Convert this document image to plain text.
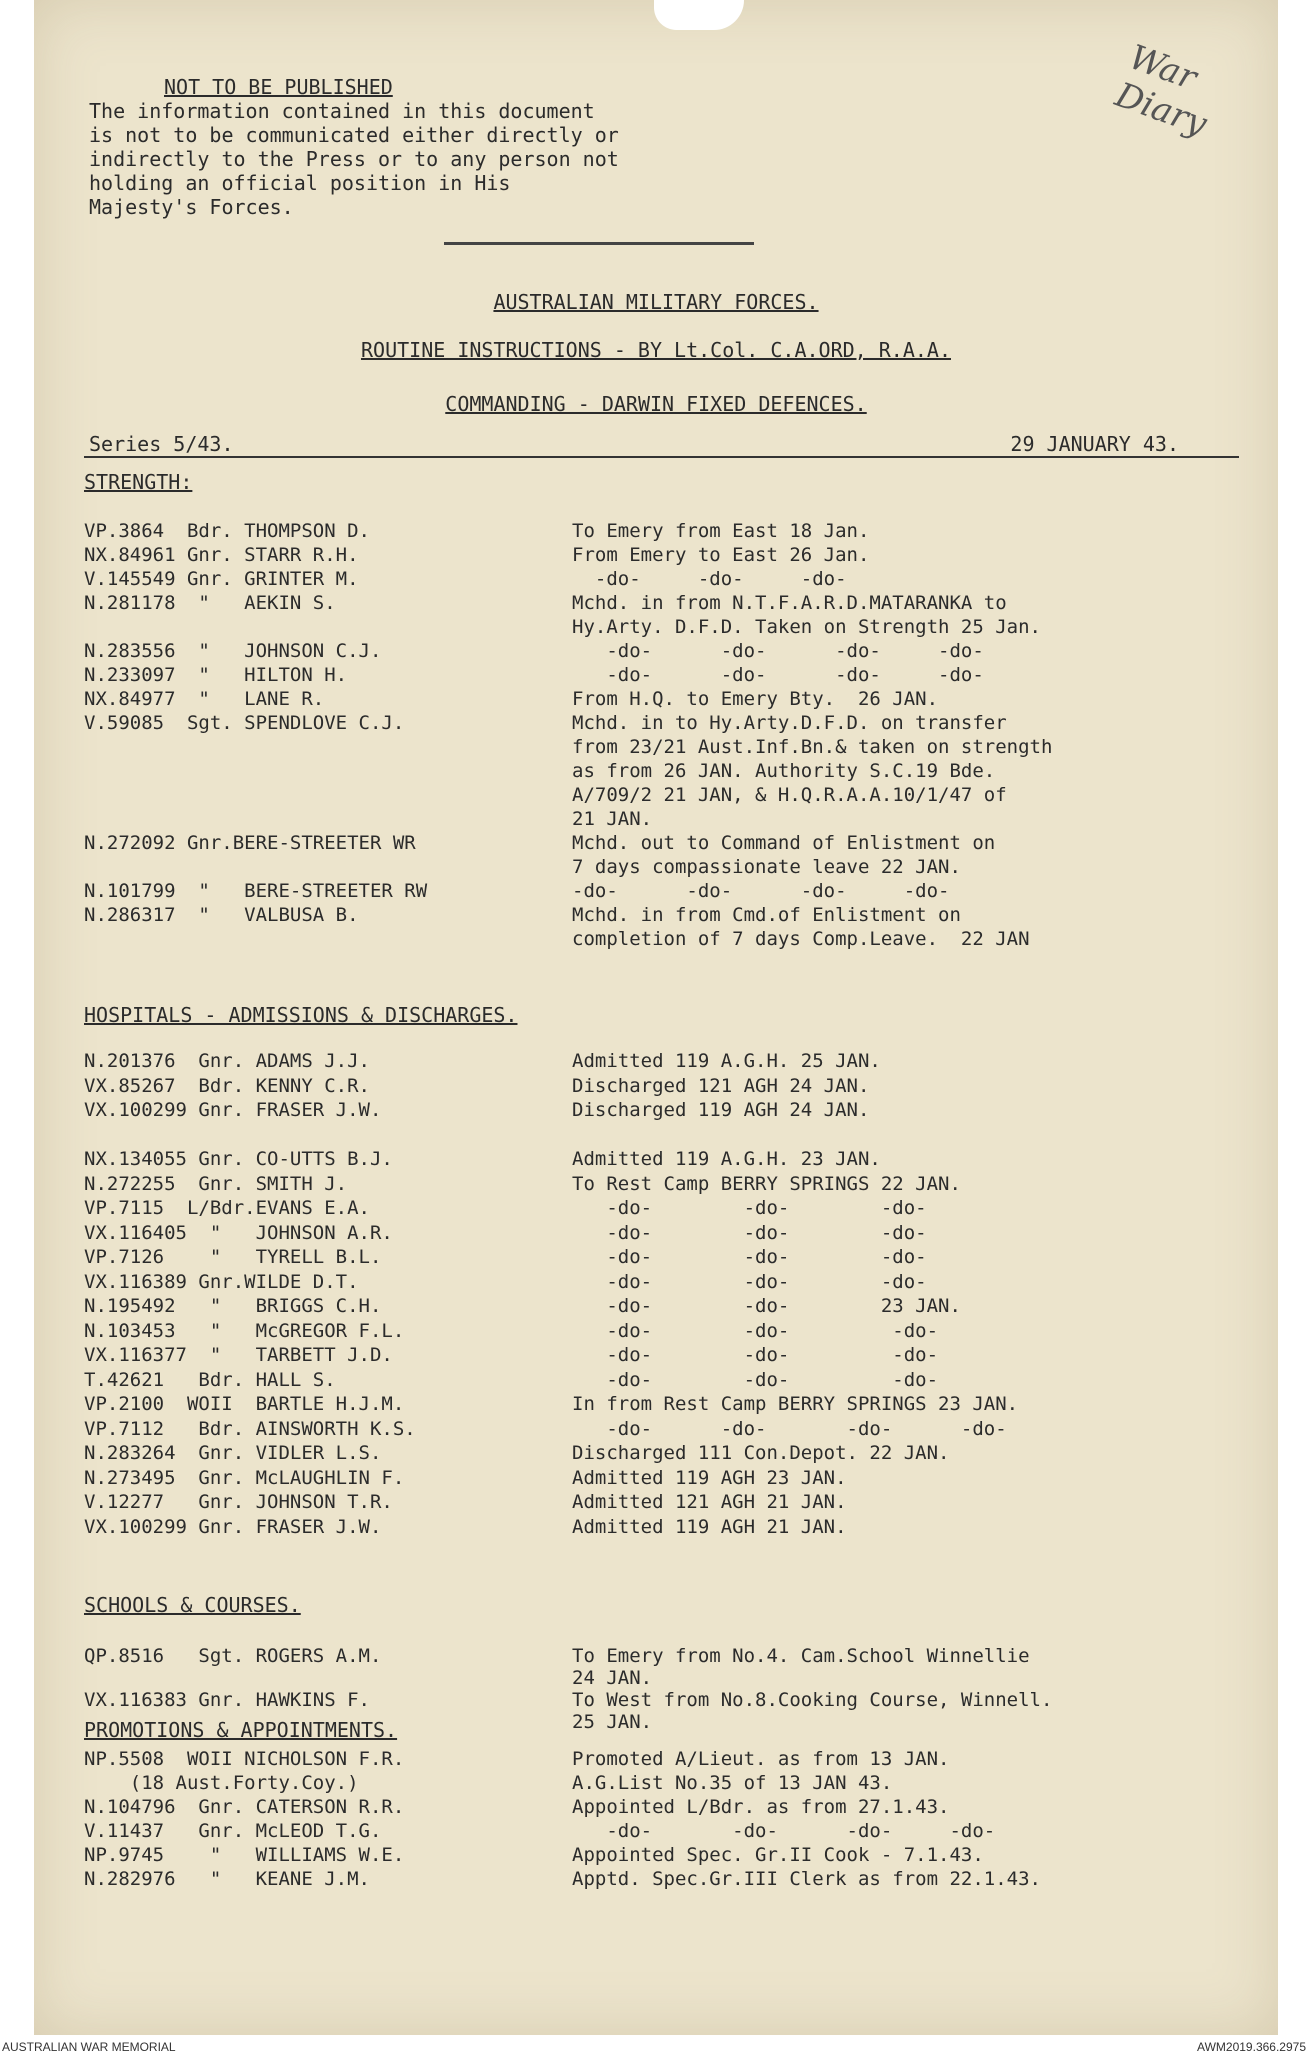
War Diary
NOT TO BE PUBLISHED
The information contained in this document
is not to be communicated either directly or
indirectly to the Press or to any person not
holding an official position in His
Majesty's Forces.
AUSTRALIAN MILITARY FORCES.
ROUTINE INSTRUCTIONS - BY Lt.Col. C.A.ORD, R.A.A.
COMMANDING - DARWIN FIXED DEFENCES.
Series 5/43.	29 JANUARY 43.
STRENGTH:
HOSPITALS - ADMISSIONS & DISCHARGES.
SCHOOLS & COURSES.
PROMOTIONS & APPOINTMENTS.
VP.3864  Bdr. THOMPSON D.	To Emery from East 18 Jan.
NX.84961 Gnr. STARR R.H.	From Emery to East 26 Jan.
V.145549 Gnr. GRINTER M.	-do-     -do-     -do-
N.281178  "   AEKIN S.	Mchd. in from N.T.F.A.R.D.MATARANKA to
Hy.Arty. D.F.D. Taken on Strength 25 Jan.
N.283556  "   JOHNSON C.J.	-do-      -do-      -do-     -do-
N.233097  "   HILTON H.	-do-      -do-      -do-     -do-
NX.84977  "   LANE R.	From H.Q. to Emery Bty.  26 JAN.
V.59085  Sgt. SPENDLOVE C.J.	Mchd. in to Hy.Arty.D.F.D. on transfer
from 23/21 Aust.Inf.Bn.& taken on strength
as from 26 JAN. Authority S.C.19 Bde.
A/709/2 21 JAN, & H.Q.R.A.A.10/1/47 of
21 JAN.
N.272092 Gnr.BERE-STREETER WR	Mchd. out to Command of Enlistment on
7 days compassionate leave 22 JAN.
N.101799  "   BERE-STREETER RW	-do-      -do-      -do-     -do-
N.286317  "   VALBUSA B.	Mchd. in from Cmd.of Enlistment on
completion of 7 days Comp.Leave.  22 JAN
N.201376  Gnr. ADAMS J.J.	Admitted 119 A.G.H. 25 JAN.
VX.85267  Bdr. KENNY C.R.	Discharged 121 AGH 24 JAN.
VX.100299 Gnr. FRASER J.W.	Discharged 119 AGH 24 JAN.
NX.134055 Gnr. CO-UTTS B.J.	Admitted 119 A.G.H. 23 JAN.
N.272255  Gnr. SMITH J.	To Rest Camp BERRY SPRINGS 22 JAN.
VP.7115  L/Bdr.EVANS E.A.	-do-        -do-        -do-
VX.116405  "   JOHNSON A.R.	-do-        -do-        -do-
VP.7126    "   TYRELL B.L.	-do-        -do-        -do-
VX.116389 Gnr.WILDE D.T.	-do-        -do-        -do-
N.195492   "   BRIGGS C.H.	-do-        -do-        23 JAN.
N.103453   "   McGREGOR F.L.	-do-        -do-         -do-
VX.116377  "   TARBETT J.D.	-do-        -do-         -do-
T.42621   Bdr. HALL S.	-do-        -do-         -do-
VP.2100  WOII  BARTLE H.J.M.	In from Rest Camp BERRY SPRINGS 23 JAN.
VP.7112   Bdr. AINSWORTH K.S.	-do-      -do-       -do-      -do-
N.283264  Gnr. VIDLER L.S.	Discharged 111 Con.Depot. 22 JAN.
N.273495  Gnr. McLAUGHLIN F.	Admitted 119 AGH 23 JAN.
V.12277   Gnr. JOHNSON T.R.	Admitted 121 AGH 21 JAN.
VX.100299 Gnr. FRASER J.W.	Admitted 119 AGH 21 JAN.
QP.8516   Sgt. ROGERS A.M.	To Emery from No.4. Cam.School Winnellie
24 JAN.
VX.116383 Gnr. HAWKINS F.	To West from No.8.Cooking Course, Winnell.
25 JAN.
NP.5508  WOII NICHOLSON F.R.	Promoted A/Lieut. as from 13 JAN.
(18 Aust.Forty.Coy.)	A.G.List No.35 of 13 JAN 43.
N.104796  Gnr. CATERSON R.R.	Appointed L/Bdr. as from 27.1.43.
V.11437   Gnr. McLEOD T.G.	-do-       -do-      -do-     -do-
NP.9745    "   WILLIAMS W.E.	Appointed Spec. Gr.II Cook - 7.1.43.
N.282976   "   KEANE J.M.	Apptd. Spec.Gr.III Clerk as from 22.1.43.
AUSTRALIAN WAR MEMORIAL	AWM2019.366.2975
